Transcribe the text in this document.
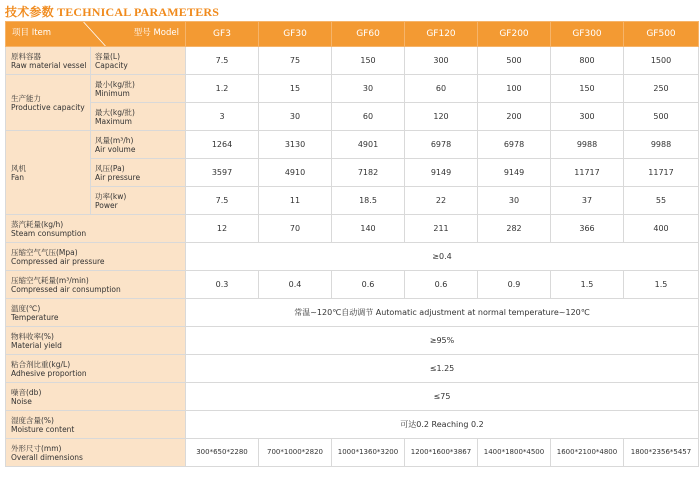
技术参数 TECHNICAL PARAMETERS
项目 Item 型号 Model		GF3	GF30	GF60	GF120	GF200	GF300	GF500

原料容器
Raw material vessel	容量(L)
Capacity	7.5	75	150	300	500	800	1500

生产能力
Productive capacity	最小(kg/批)
Minimum	1.2	15	30	60	100	150	250

	最大(kg/批)
Maximum	3	30	60	120	200	300	500

风机
Fan	风量(m³/h)
Air volume	1264	3130	4901	6978	6978	9988	9988

	风压(Pa)
Air pressure	3597	4910	7182	9149	9149	11717	11717

	功率(kw)
Power	7.5	11	18.5	22	30	37	55

蒸汽耗量(kg/h)
Steam consumption		12	70	140	211	282	366	400

压缩空气气压(Mpa)
Compressed air pressure		≥0.4						

压缩空气耗量(m³/min)
Compressed air consumption		0.3	0.4	0.6	0.6	0.9	1.5	1.5

温度(℃)
Temperature		常温~120℃自动调节 Automatic adjustment at normal temperature~120℃						

物料收率(%)
Material yield		≥95%						

粘合剂比重(kg/L)
Adhesive proportion		≤1.25						

噪音(db)
Noise		≤75						

湿度含量(%)
Moisture content		可达0.2 Reaching 0.2						

外形尺寸(mm)
Overall dimensions		300*650*2280	700*1000*2820	1000*1360*3200	1200*1600*3867	1400*1800*4500	1600*2100*4800	1800*2356*5457
